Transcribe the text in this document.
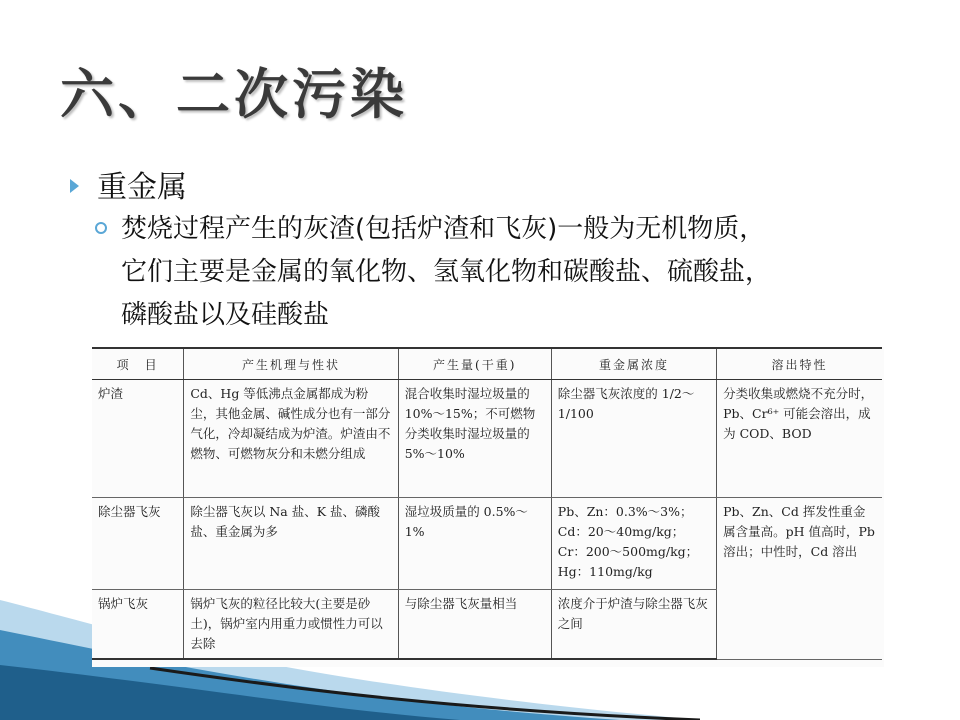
六、二次污染
重金属
焚烧过程产生的灰渣(包括炉渣和飞灰)一般为无机物质，
它们主要是金属的氧化物、氢氧化物和碳酸盐、硫酸盐，
磷酸盐以及硅酸盐
项　目	产生机理与性状	产生量(干重)	重金属浓度	溶出特性
炉渣	Cd、Hg 等低沸点金属都成为粉尘，其他金属、碱性成分也有一部分气化，冷却凝结成为炉渣。炉渣由不燃物、可燃物灰分和未燃分组成	混合收集时湿垃圾量的 10%～15%；不可燃物分类收集时湿垃圾量的 5%～10%	除尘器飞灰浓度的 1/2～1/100	分类收集或燃烧不充分时，Pb、Cr⁶⁺ 可能会溶出，成为 COD、BOD
除尘器飞灰	除尘器飞灰以 Na 盐、K 盐、磷酸盐、重金属为多	湿垃圾质量的 0.5%～1%	Pb、Zn：0.3%～3%；Cd：20～40mg/kg；Cr：200～500mg/kg；Hg：110mg/kg	Pb、Zn、Cd 挥发性重金属含量高。pH 值高时，Pb 溶出；中性时，Cd 溶出
锅炉飞灰	锅炉飞灰的粒径比较大(主要是砂土)，锅炉室内用重力或惯性力可以去除	与除尘器飞灰量相当	浓度介于炉渣与除尘器飞灰之间	
